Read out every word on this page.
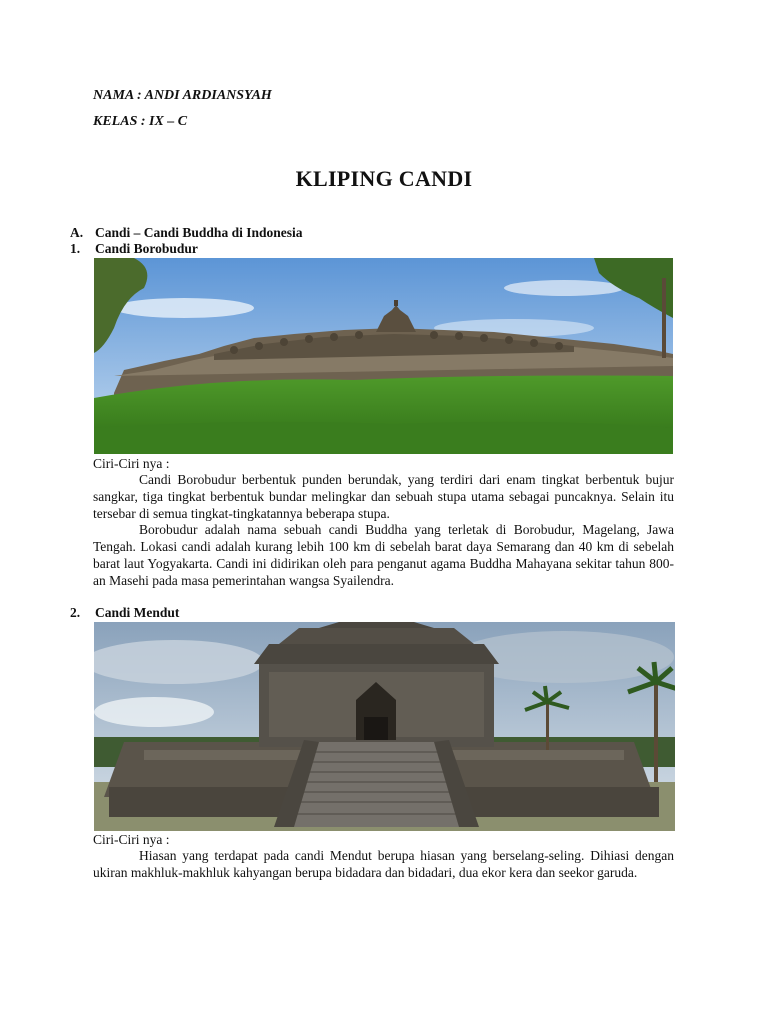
NAMA : ANDI ARDIANSYAH
KELAS : IX – C
KLIPING CANDI
A. Candi – Candi Buddha di Indonesia
1. Candi Borobudur
Ciri-Ciri nya :

Candi Borobudur berbentuk punden berundak, yang terdiri dari enam tingkat berbentuk bujur sangkar, tiga tingkat berbentuk bundar melingkar dan sebuah stupa utama sebagai puncaknya. Selain itu tersebar di semua tingkat-tingkatannya beberapa stupa.

Borobudur adalah nama sebuah candi Buddha yang terletak di Borobudur, Magelang, Jawa Tengah. Lokasi candi adalah kurang lebih 100 km di sebelah barat daya Semarang dan 40 km di sebelah barat laut Yogyakarta. Candi ini didirikan oleh para penganut agama Buddha Mahayana sekitar tahun 800-an Masehi pada masa pemerintahan wangsa Syailendra.

2. Candi Mendut
Ciri-Ciri nya :

Hiasan yang terdapat pada candi Mendut berupa hiasan yang berselang-seling. Dihiasi dengan ukiran makhluk-makhluk kahyangan berupa bidadara dan bidadari, dua ekor kera dan seekor garuda.
